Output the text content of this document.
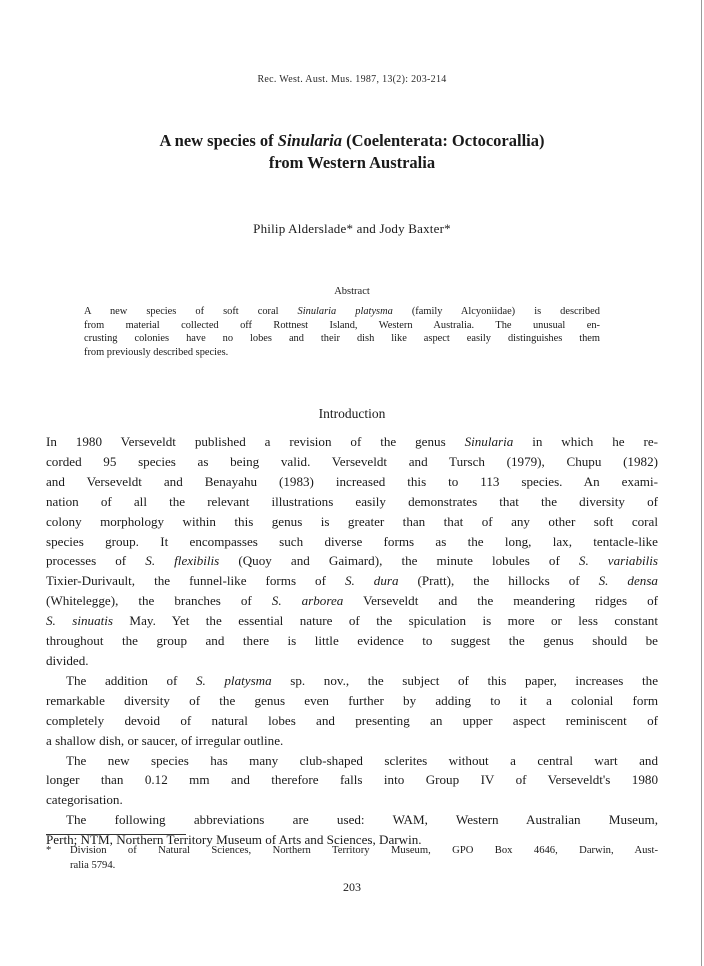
Rec. West. Aust. Mus. 1987, 13(2): 203-214
A new species of Sinularia (Coelenterata: Octocorallia)
from Western Australia
Philip Alderslade* and Jody Baxter*
Abstract
A new species of soft coral Sinularia platysma (family Alcyoniidae) is described
from material collected off Rottnest Island, Western Australia. The unusual en-
crusting colonies have no lobes and their dish like aspect easily distinguishes them
from previously described species.
Introduction
In 1980 Verseveldt published a revision of the genus Sinularia in which he re-
corded 95 species as being valid. Verseveldt and Tursch (1979), Chupu (1982)
and Verseveldt and Benayahu (1983) increased this to 113 species. An exami-
nation of all the relevant illustrations easily demonstrates that the diversity of
colony morphology within this genus is greater than that of any other soft coral
species group. It encompasses such diverse forms as the long, lax, tentacle-like
processes of S. flexibilis (Quoy and Gaimard), the minute lobules of S. variabilis
Tixier-Durivault, the funnel-like forms of S. dura (Pratt), the hillocks of S. densa
(Whitelegge), the branches of S. arborea Verseveldt and the meandering ridges of
S. sinuatis May. Yet the essential nature of the spiculation is more or less constant
throughout the group and there is little evidence to suggest the genus should be
divided.
The addition of S. platysma sp. nov., the subject of this paper, increases the
remarkable diversity of the genus even further by adding to it a colonial form
completely devoid of natural lobes and presenting an upper aspect reminiscent of
a shallow dish, or saucer, of irregular outline.
The new species has many club-shaped sclerites without a central wart and
longer than 0.12 mm and therefore falls into Group IV of Verseveldt's 1980
categorisation.
The following abbreviations are used: WAM, Western Australian Museum,
Perth; NTM, Northern Territory Museum of Arts and Sciences, Darwin.
* Division of Natural Sciences, Northern Territory Museum, GPO Box 4646, Darwin, Aust-
ralia 5794.
203
